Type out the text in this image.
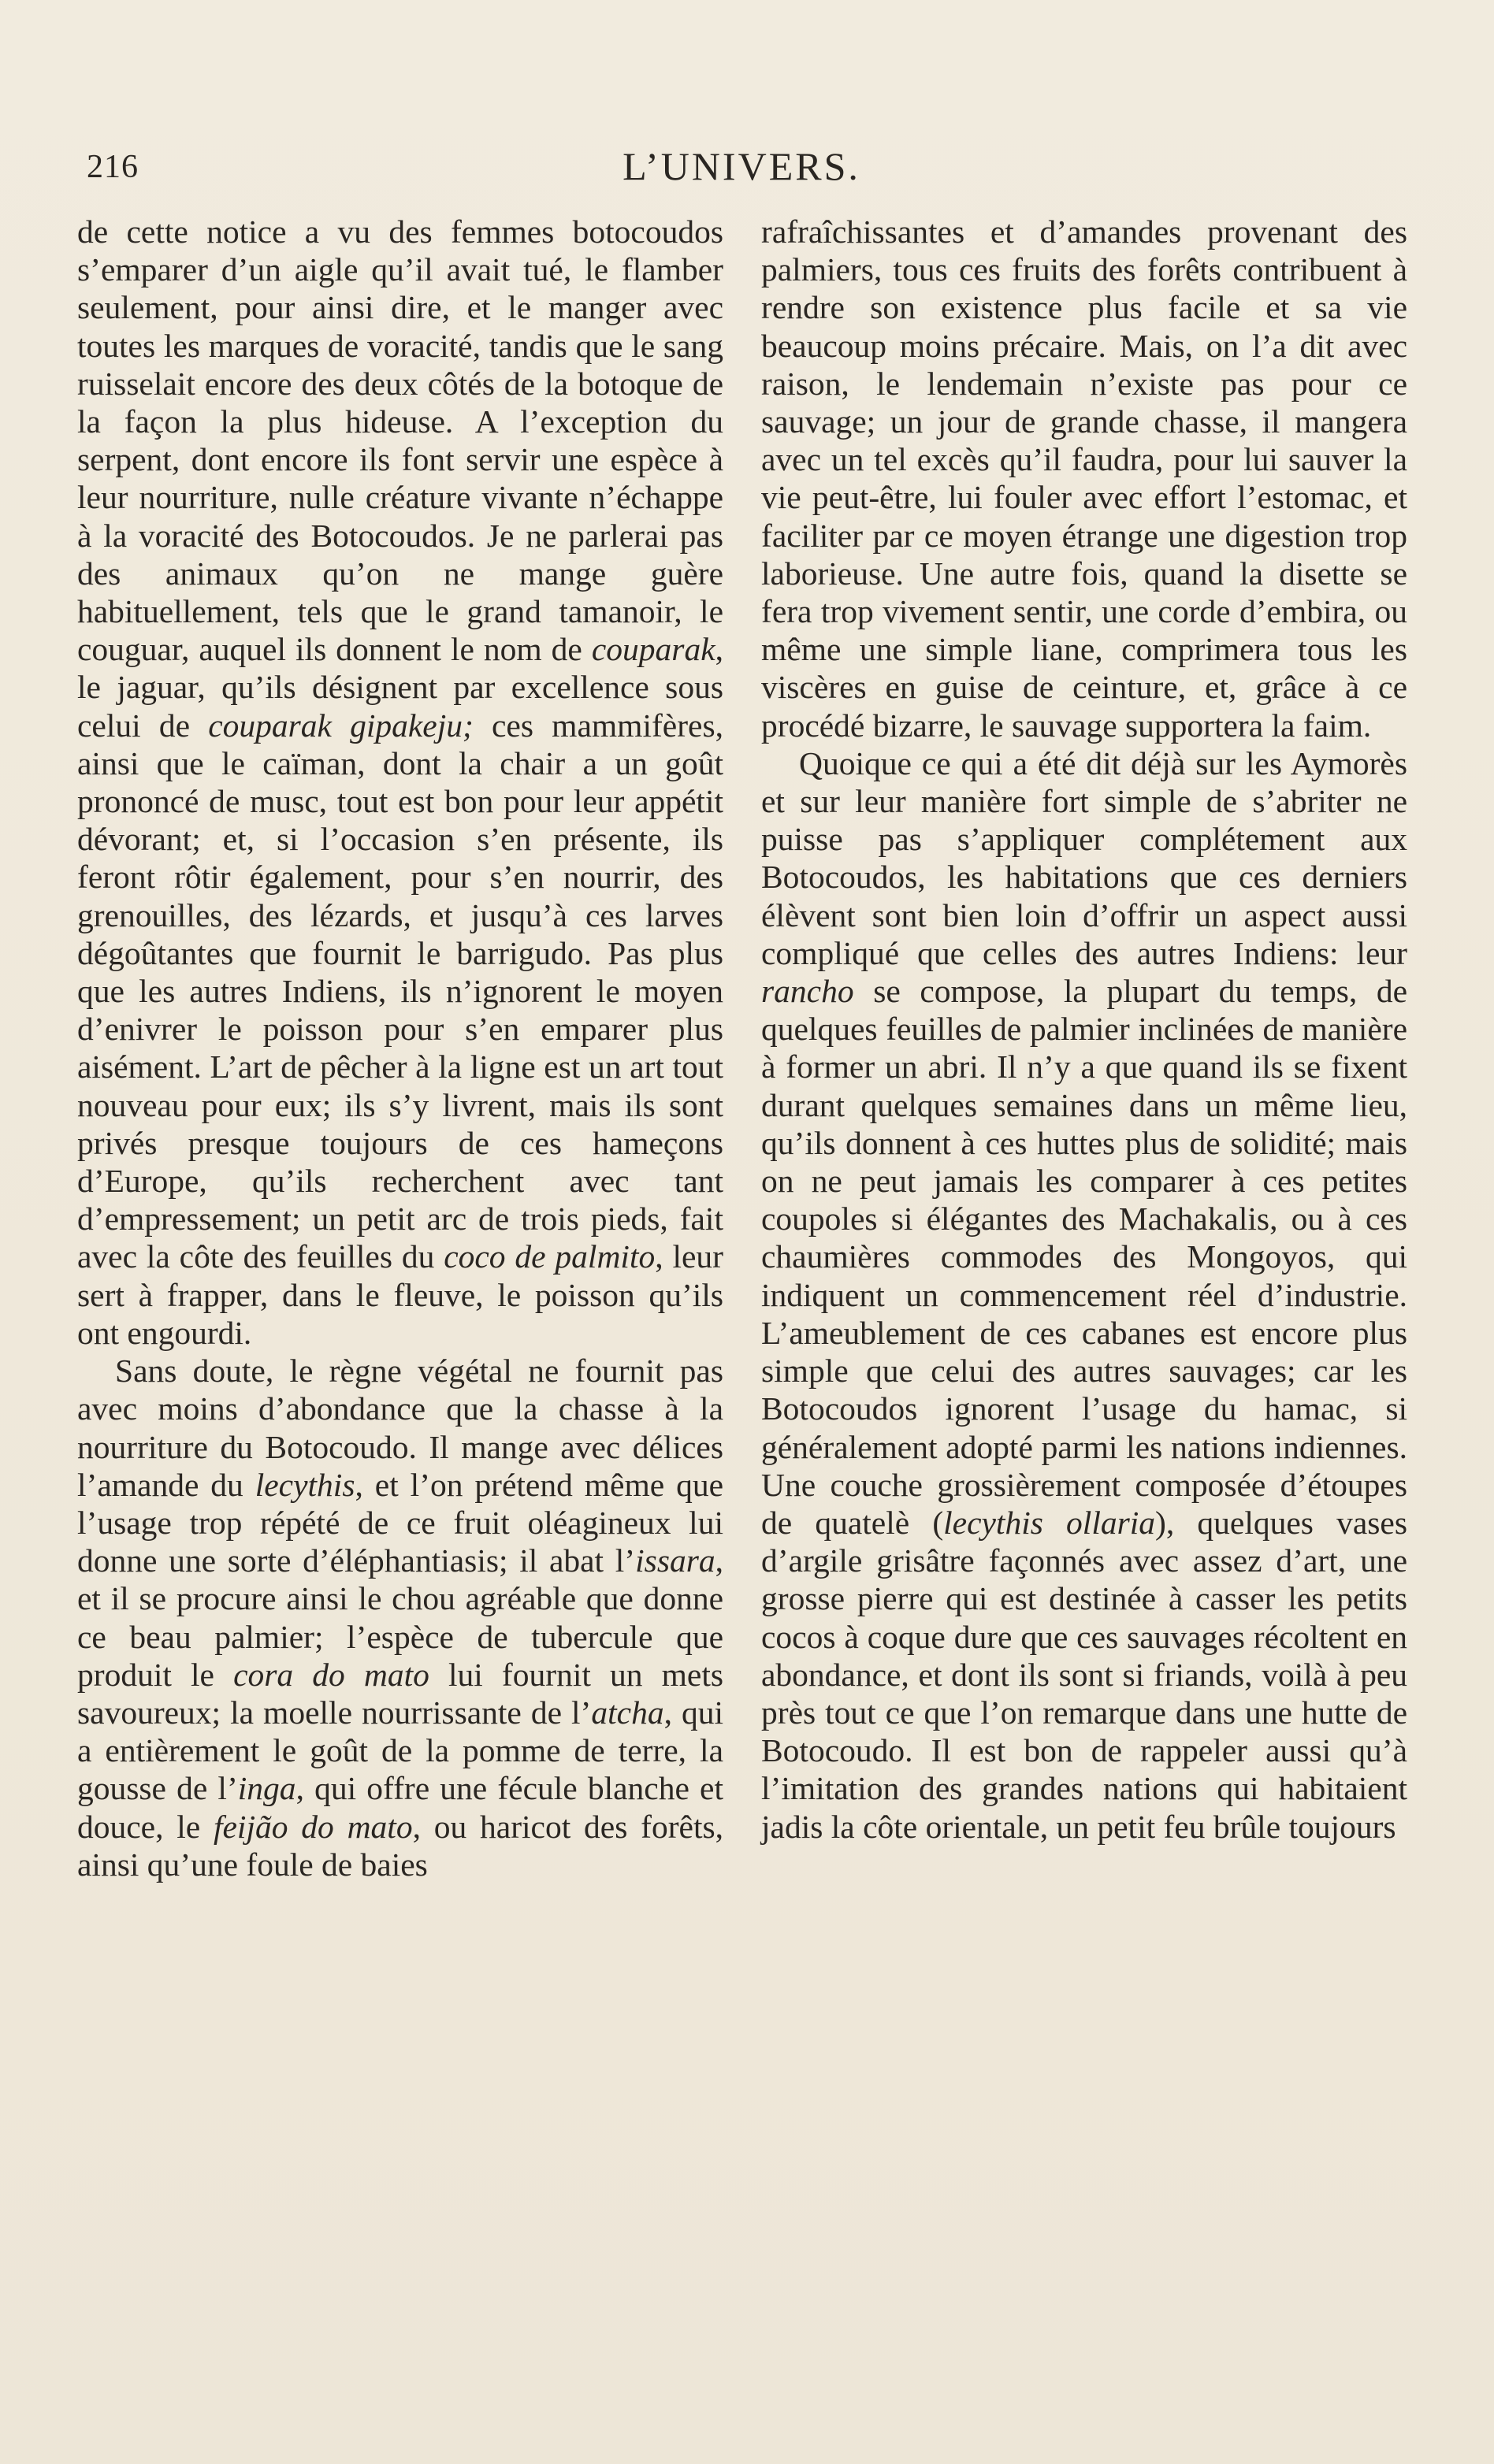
216	L’UNIVERS.

de cette notice a vu des femmes botocoudos s’emparer d’un aigle qu’il avait tué, le flamber seulement, pour ainsi dire, et le manger avec toutes les marques de voracité, tandis que le sang ruisselait encore des deux côtés de la botoque de la façon la plus hideuse. A l’exception du serpent, dont encore ils font servir une espèce à leur nourriture, nulle créature vivante n’échappe à la voracité des Botocoudos. Je ne parlerai pas des animaux qu’on ne mange guère habituellement, tels que le grand tamanoir, le couguar, auquel ils donnent le nom de couparak, le jaguar, qu’ils désignent par excellence sous celui de couparak gipakeju; ces mammifères, ainsi que le caïman, dont la chair a un goût prononcé de musc, tout est bon pour leur appétit dévorant; et, si l’occasion s’en présente, ils feront rôtir également, pour s’en nourrir, des grenouilles, des lézards, et jusqu’à ces larves dégoûtantes que fournit le barrigudo. Pas plus que les autres Indiens, ils n’ignorent le moyen d’enivrer le poisson pour s’en emparer plus aisément. L’art de pêcher à la ligne est un art tout nouveau pour eux; ils s’y livrent, mais ils sont privés presque toujours de ces hameçons d’Europe, qu’ils recherchent avec tant d’empressement; un petit arc de trois pieds, fait avec la côte des feuilles du coco de palmito, leur sert à frapper, dans le fleuve, le poisson qu’ils ont engourdi.

Sans doute, le règne végétal ne fournit pas avec moins d’abondance que la chasse à la nourriture du Botocoudo. Il mange avec délices l’amande du lecythis, et l’on prétend même que l’usage trop répété de ce fruit oléagineux lui donne une sorte d’éléphantiasis; il abat l’issara, et il se procure ainsi le chou agréable que donne ce beau palmier; l’espèce de tubercule que produit le cora do mato lui fournit un mets savoureux; la moelle nourrissante de l’atcha, qui a entièrement le goût de la pomme de terre, la gousse de l’inga, qui offre une fécule blanche et douce, le feijão do mato, ou haricot des forêts, ainsi qu’une foule de baies

rafraîchissantes et d’amandes provenant des palmiers, tous ces fruits des forêts contribuent à rendre son existence plus facile et sa vie beaucoup moins précaire. Mais, on l’a dit avec raison, le lendemain n’existe pas pour ce sauvage; un jour de grande chasse, il mangera avec un tel excès qu’il faudra, pour lui sauver la vie peut-être, lui fouler avec effort l’estomac, et faciliter par ce moyen étrange une digestion trop laborieuse. Une autre fois, quand la disette se fera trop vivement sentir, une corde d’embira, ou même une simple liane, comprimera tous les viscères en guise de ceinture, et, grâce à ce procédé bizarre, le sauvage supportera la faim.

Quoique ce qui a été dit déjà sur les Aymorès et sur leur manière fort simple de s’abriter ne puisse pas s’appliquer complétement aux Botocoudos, les habitations que ces derniers élèvent sont bien loin d’offrir un aspect aussi compliqué que celles des autres Indiens: leur rancho se compose, la plupart du temps, de quelques feuilles de palmier inclinées de manière à former un abri. Il n’y a que quand ils se fixent durant quelques semaines dans un même lieu, qu’ils donnent à ces huttes plus de solidité; mais on ne peut jamais les comparer à ces petites coupoles si élégantes des Machakalis, ou à ces chaumières commodes des Mongoyos, qui indiquent un commencement réel d’industrie. L’ameublement de ces cabanes est encore plus simple que celui des autres sauvages; car les Botocoudos ignorent l’usage du hamac, si généralement adopté parmi les nations indiennes. Une couche grossièrement composée d’étoupes de quatelè (lecythis ollaria), quelques vases d’argile grisâtre façonnés avec assez d’art, une grosse pierre qui est destinée à casser les petits cocos à coque dure que ces sauvages récoltent en abondance, et dont ils sont si friands, voilà à peu près tout ce que l’on remarque dans une hutte de Botocoudo. Il est bon de rappeler aussi qu’à l’imitation des grandes nations qui habitaient jadis la côte orientale, un petit feu brûle toujours
